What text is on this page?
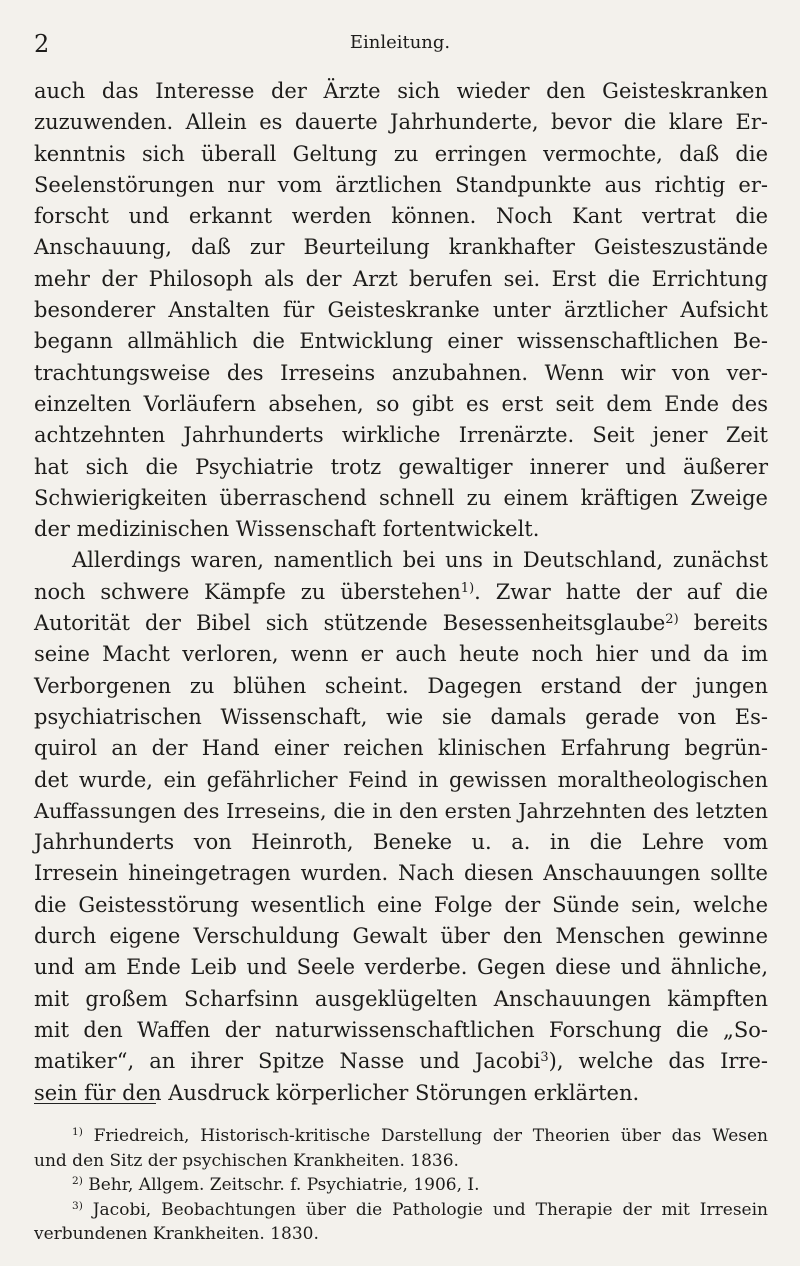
2	Einleitung.
auch das Interesse der Ärzte sich wieder den Geisteskranken
zuzuwenden. Allein es dauerte Jahrhunderte, bevor die klare Er-
kenntnis sich überall Geltung zu erringen vermochte, daß die
Seelenstörungen nur vom ärztlichen Standpunkte aus richtig er-
forscht und erkannt werden können. Noch Kant vertrat die
Anschauung, daß zur Beurteilung krankhafter Geisteszustände
mehr der Philosoph als der Arzt berufen sei. Erst die Errichtung
besonderer Anstalten für Geisteskranke unter ärztlicher Aufsicht
begann allmählich die Entwicklung einer wissenschaftlichen Be-
trachtungsweise des Irreseins anzubahnen. Wenn wir von ver-
einzelten Vorläufern absehen, so gibt es erst seit dem Ende des
achtzehnten Jahrhunderts wirkliche Irrenärzte. Seit jener Zeit
hat sich die Psychiatrie trotz gewaltiger innerer und äußerer
Schwierigkeiten überraschend schnell zu einem kräftigen Zweige
der medizinischen Wissenschaft fortentwickelt.
Allerdings waren, namentlich bei uns in Deutschland, zunächst
noch schwere Kämpfe zu überstehen$^{1)}$. Zwar hatte der auf die
Autorität der Bibel sich stützende Besessenheitsglaube$^{2)}$ bereits
seine Macht verloren, wenn er auch heute noch hier und da im
Verborgenen zu blühen scheint. Dagegen erstand der jungen
psychiatrischen Wissenschaft, wie sie damals gerade von Es-
quirol an der Hand einer reichen klinischen Erfahrung begrün-
det wurde, ein gefährlicher Feind in gewissen moraltheologischen
Auffassungen des Irreseins, die in den ersten Jahrzehnten des letzten
Jahrhunderts von Heinroth, Beneke u. a. in die Lehre vom
Irresein hineingetragen wurden. Nach diesen Anschauungen sollte
die Geistesstörung wesentlich eine Folge der Sünde sein, welche
durch eigene Verschuldung Gewalt über den Menschen gewinne
und am Ende Leib und Seele verderbe. Gegen diese und ähnliche,
mit großem Scharfsinn ausgeklügelten Anschauungen kämpften
mit den Waffen der naturwissenschaftlichen Forschung die „So-
matiker“, an ihrer Spitze Nasse und Jacobi$^3$), welche das Irre-
sein für den Ausdruck körperlicher Störungen erklärten.
$^{1)}$ Friedreich, Historisch-kritische Darstellung der Theorien über das Wesen
und den Sitz der psychischen Krankheiten. 1836.
$^{2)}$ Behr, Allgem. Zeitschr. f. Psychiatrie, 1906, I.
$^{3)}$ Jacobi, Beobachtungen über die Pathologie und Therapie der mit Irresein
verbundenen Krankheiten. 1830.
